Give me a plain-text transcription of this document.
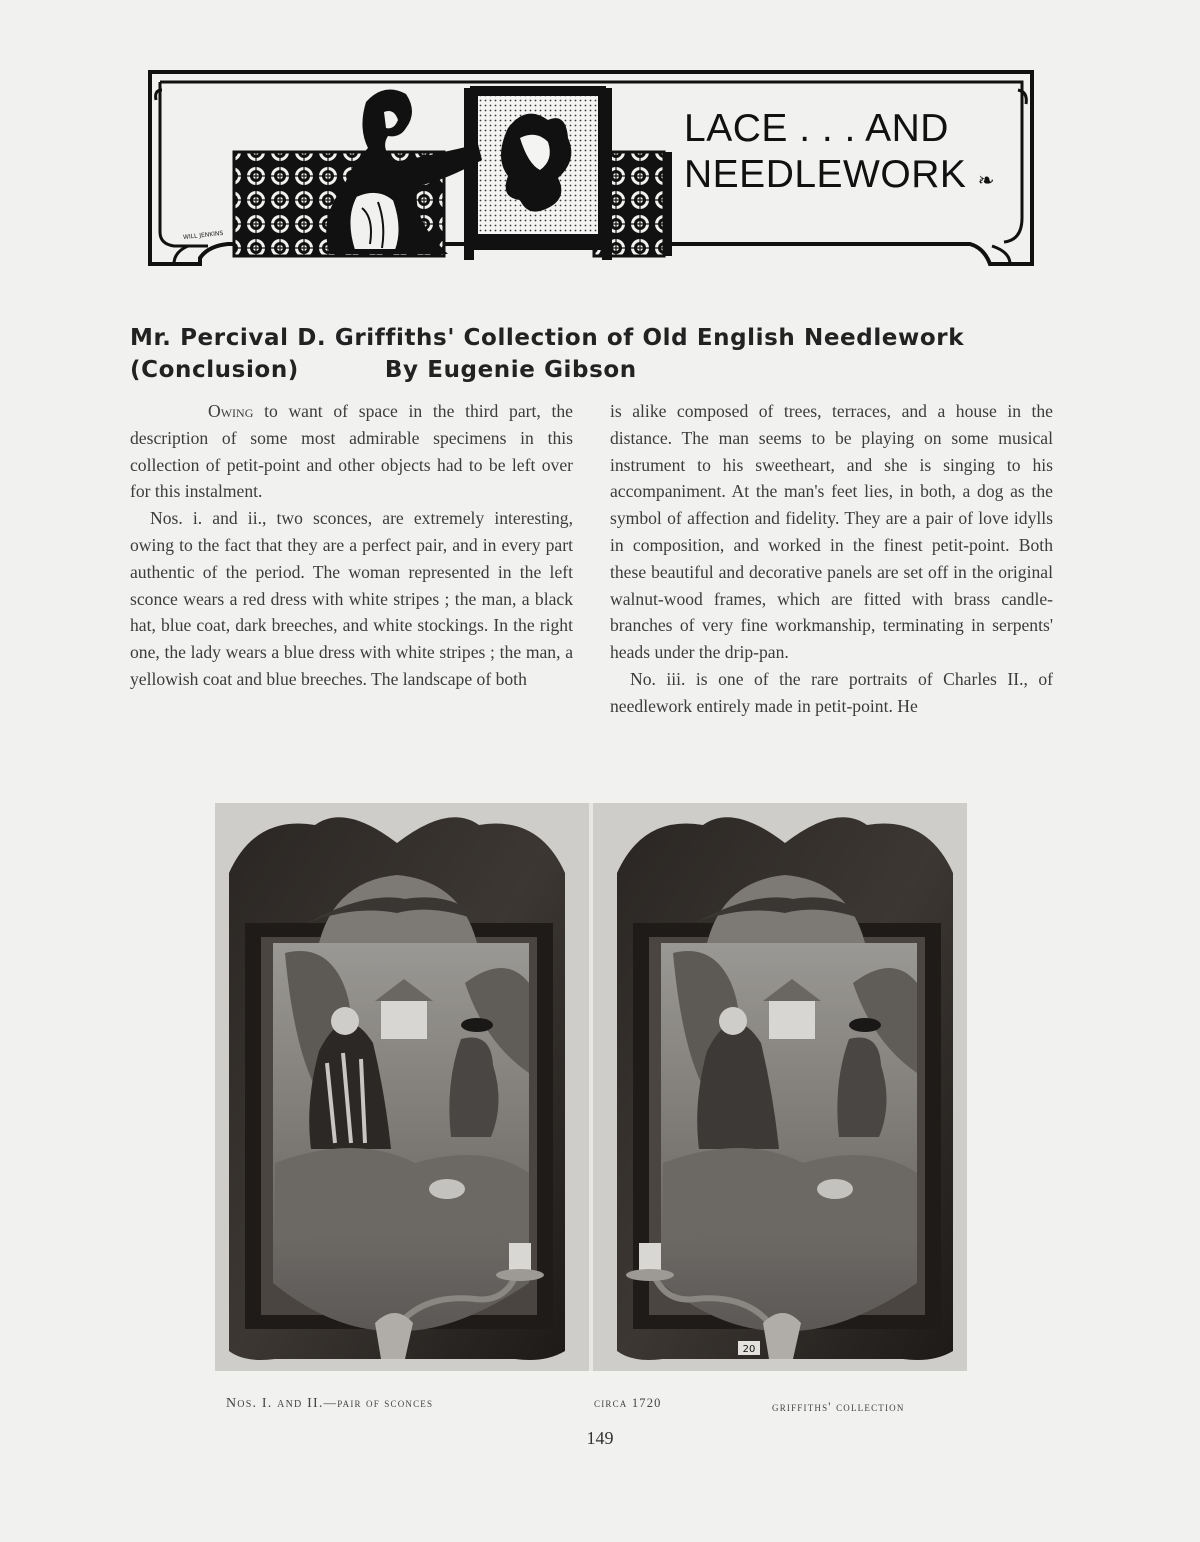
LACE . . . AND
NEEDLEWORK ❧
WILL JENKINS
Mr. Percival D. Griffiths' Collection of Old English Needlework
(Conclusion)	By Eugenie Gibson

Owing to want of space in the third part, the description of some most admirable specimens in this collection of petit-point and other objects had to be left over for this instalment.

Nos. i. and ii., two sconces, are extremely interesting, owing to the fact that they are a perfect pair, and in every part authentic of the period. The woman represented in the left sconce wears a red dress with white stripes ; the man, a black hat, blue coat, dark breeches, and white stockings. In the right one, the lady wears a blue dress with white stripes ; the man, a yellowish coat and blue breeches. The landscape of both

is alike composed of trees, terraces, and a house in the distance. The man seems to be playing on some musical instrument to his sweetheart, and she is singing to his accompaniment. At the man's feet lies, in both, a dog as the symbol of affection and fidelity. They are a pair of love idylls in composition, and worked in the finest petit-point. Both these beautiful and decorative panels are set off in the original walnut-wood frames, which are fitted with brass candle-branches of very fine workmanship, terminating in serpents' heads under the drip-pan.

No. iii. is one of the rare portraits of Charles II., of needlework entirely made in petit-point. He

20
Nos. I. and II.—pair of sconces	circa 1720	griffiths' collection
149
